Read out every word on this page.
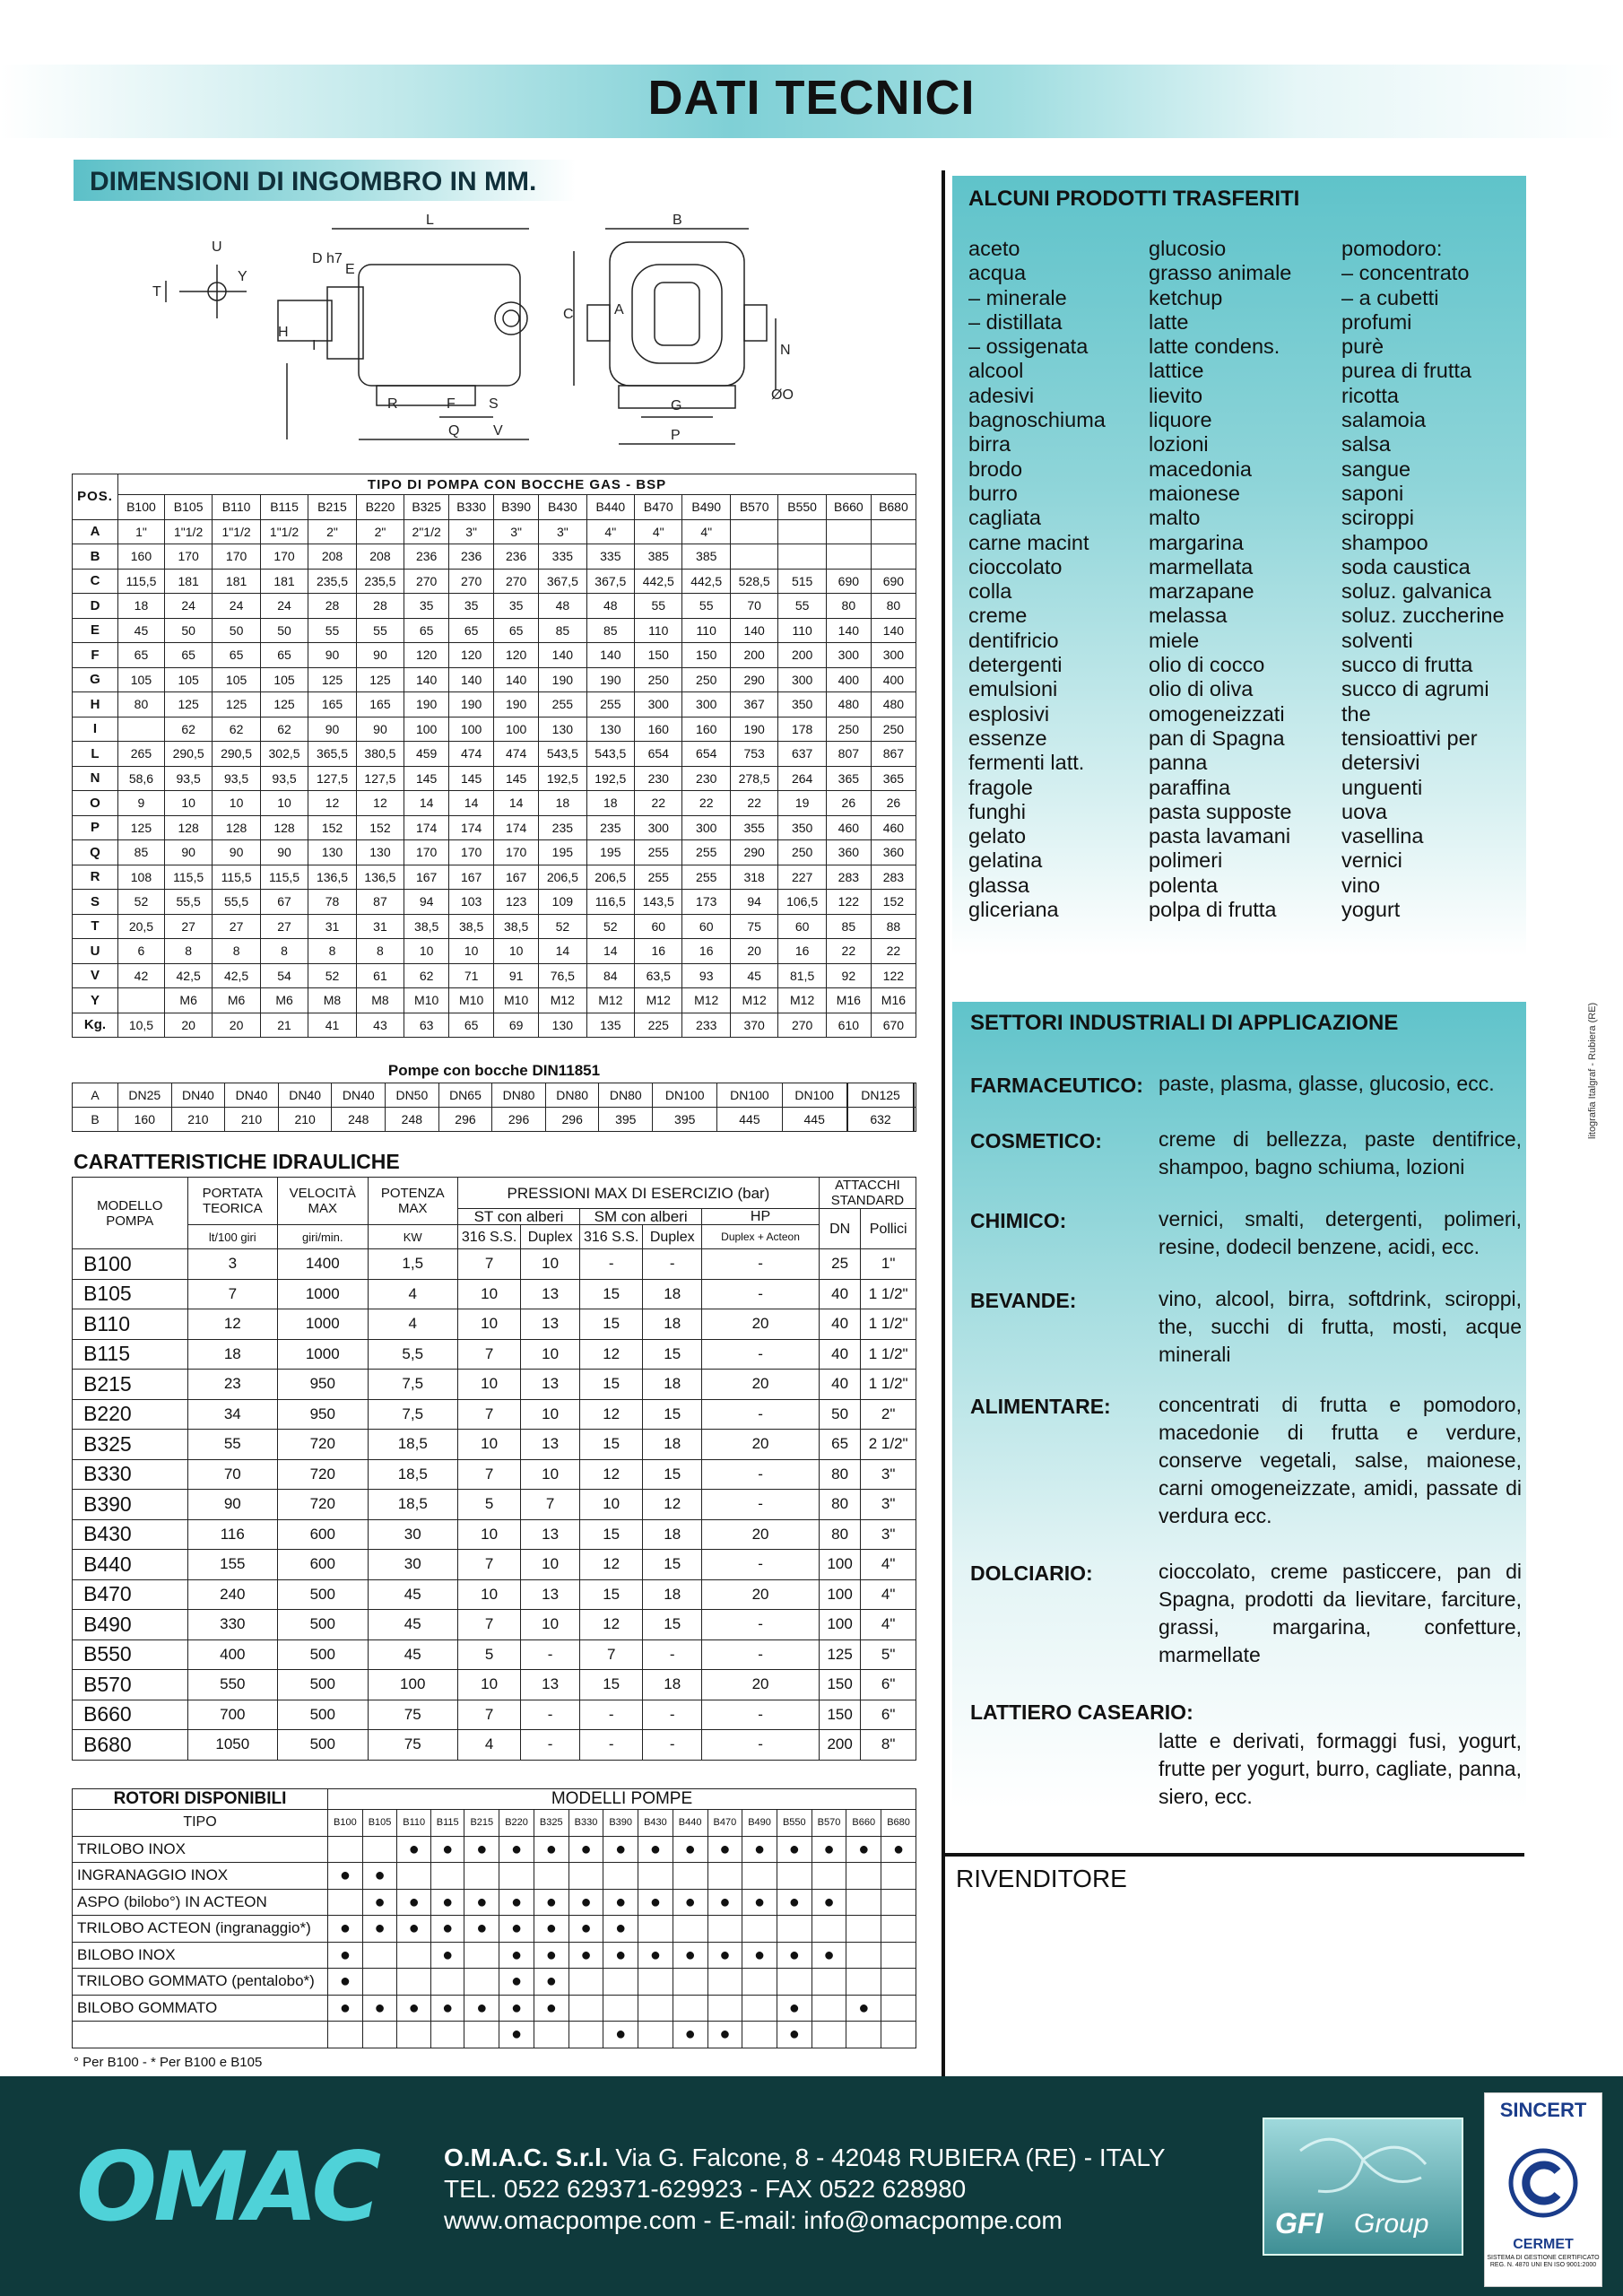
DATI TECNICI
DIMENSIONI DI INGOMBRO IN MM.
L
D h7
E
H
I
R	F S
Q V
B
C	A
N
G
P
ØO
T
U
Y
POS.	TIPO DI POMPA CON BOCCHE GAS - BSP																
	B100	B105	B110	B115	B215	B220	B325	B330	B390	B430	B440	B470	B490	B570	B550	B660	B680
A	1"	1"1/2	1"1/2	1"1/2	2"	2"	2"1/2	3"	3"	3"	4"	4"	4"				
B	160	170	170	170	208	208	236	236	236	335	335	385	385				
C	115,5	181	181	181	235,5	235,5	270	270	270	367,5	367,5	442,5	442,5	528,5	515	690	690
D	18	24	24	24	28	28	35	35	35	48	48	55	55	70	55	80	80
E	45	50	50	50	55	55	65	65	65	85	85	110	110	140	110	140	140
F	65	65	65	65	90	90	120	120	120	140	140	150	150	200	200	300	300
G	105	105	105	105	125	125	140	140	140	190	190	250	250	290	300	400	400
H	80	125	125	125	165	165	190	190	190	255	255	300	300	367	350	480	480
I		62	62	62	90	90	100	100	100	130	130	160	160	190	178	250	250
L	265	290,5	290,5	302,5	365,5	380,5	459	474	474	543,5	543,5	654	654	753	637	807	867
N	58,6	93,5	93,5	93,5	127,5	127,5	145	145	145	192,5	192,5	230	230	278,5	264	365	365
O	9	10	10	10	12	12	14	14	14	18	18	22	22	22	19	26	26
P	125	128	128	128	152	152	174	174	174	235	235	300	300	355	350	460	460
Q	85	90	90	90	130	130	170	170	170	195	195	255	255	290	250	360	360
R	108	115,5	115,5	115,5	136,5	136,5	167	167	167	206,5	206,5	255	255	318	227	283	283
S	52	55,5	55,5	67	78	87	94	103	123	109	116,5	143,5	173	94	106,5	122	152
T	20,5	27	27	27	31	31	38,5	38,5	38,5	52	52	60	60	75	60	85	88
U	6	8	8	8	8	8	10	10	10	14	14	16	16	20	16	22	22
V	42	42,5	42,5	54	52	61	62	71	91	76,5	84	63,5	93	45	81,5	92	122
Y		M6	M6	M6	M8	M8	M10	M10	M10	M12	M12	M12	M12	M12	M12	M16	M16
Kg.	10,5	20	20	21	41	43	63	65	69	130	135	225	233	370	270	610	670
Pompe con bocche DIN11851
A	DN25	DN40	DN40	DN40	DN40	DN50	DN65	DN80	DN80	DN80	DN100	DN100	DN100		DN125		
B	160	210	210	210	248	248	296	296	296	395	395	445	445		632		
CARATTERISTICHE IDRAULICHE
MODELLO POMPA	PORTATA TEORICA	VELOCITÀ MAX	POTENZA MAX	PRESSIONI MAX DI ESERCIZIO (bar)					ATTACCHI STANDARD	
				ST con alberi		SM con alberi		HP	DN	Pollici
	lt/100 giri	giri/min.	KW	316 S.S.	Duplex	316 S.S.	Duplex	Duplex + Acteon		
B100	3	1400	1,5	7	10	-	-	-	25	1"
B105	7	1000	4	10	13	15	18	-	40	1 1/2"
B110	12	1000	4	10	13	15	18	20	40	1 1/2"
B115	18	1000	5,5	7	10	12	15	-	40	1 1/2"
B215	23	950	7,5	10	13	15	18	20	40	1 1/2"
B220	34	950	7,5	7	10	12	15	-	50	2"
B325	55	720	18,5	10	13	15	18	20	65	2 1/2"
B330	70	720	18,5	7	10	12	15	-	80	3"
B390	90	720	18,5	5	7	10	12	-	80	3"
B430	116	600	30	10	13	15	18	20	80	3"
B440	155	600	30	7	10	12	15	-	100	4"
B470	240	500	45	10	13	15	18	20	100	4"
B490	330	500	45	7	10	12	15	-	100	4"
B550	400	500	45	5	-	7	-	-	125	5"
B570	550	500	100	10	13	15	18	20	150	6"
B660	700	500	75	7	-	-	-	-	150	6"
B680	1050	500	75	4	-	-	-	-	200	8"
ROTORI DISPONIBILI	MODELLI POMPE																
TIPO	B100	B105	B110	B115	B215	B220	B325	B330	B390	B430	B440	B470	B490	B550	B570	B660	B680
TRILOBO INOX			●	●	●	●	●	●	●	●	●	●	●	●	●	●	●
INGRANAGGIO INOX	●	●															
ASPO (bilobo°) IN ACTEON		●	●	●	●	●	●	●	●	●	●	●	●	●	●		
TRILOBO ACTEON (ingranaggio*)	●	●	●	●	●	●	●	●	●								
BILOBO INOX	●			●		●	●	●	●	●	●	●	●	●	●		
TRILOBO GOMMATO (pentalobo*)	●					●	●										
BILOBO GOMMATO	●	●	●	●	●	●	●							●		●	
						●			●		●	●		●			
° Per B100 - * Per B100 e B105
ALCUNI PRODOTTI TRASFERITI
aceto
acqua
– minerale
– distillata
– ossigenata
alcool
adesivi
bagnoschiuma
birra
brodo
burro
cagliata
carne macint
cioccolato
colla
creme
dentifricio
detergenti
emulsioni
esplosivi
essenze
fermenti latt.
fragole
funghi
gelato
gelatina
glassa
gliceriana
glucosio
grasso animale
ketchup
latte
latte condens.
lattice
lievito
liquore
lozioni
macedonia
maionese
malto
margarina
marmellata
marzapane
melassa
miele
olio di cocco
olio di oliva
omogeneizzati
pan di Spagna
panna
paraffina
pasta supposte
pasta lavamani
polimeri
polenta
polpa di frutta
pomodoro:
– concentrato
– a cubetti
profumi
purè
purea di frutta
ricotta
salamoia
salsa
sangue
saponi
sciroppi
shampoo
soda caustica
soluz. galvanica
soluz. zuccherine
solventi
succo di frutta
succo di agrumi
the
tensioattivi per
detersivi
unguenti
uova
vasellina
vernici
vino
yogurt
SETTORI INDUSTRIALI DI APPLICAZIONE
FARMACEUTICO: paste, plasma, glasse, glucosio, ecc.
COSMETICO:	creme di bellezza, paste dentifrice, shampoo, bagno schiuma, lozioni
CHIMICO:	vernici, smalti, detergenti, polimeri, resine, dodecil benzene, acidi, ecc.
BEVANDE:	vino, alcool, birra, softdrink, sciroppi, the, succhi di frutta, mosti, acque minerali
ALIMENTARE: concentrati di frutta e pomodoro, macedonie di frutta e verdure, conserve vegetali, salse, maionese, carni omogeneizzate, amidi, passate di verdura ecc.
DOLCIARIO:	cioccolato, creme pasticcere, pan di Spagna, prodotti da lievitare, farciture, grassi, margarina, confetture, marmellate
LATTIERO CASEARIO:
latte e derivati, formaggi fusi, yogurt, frutte per yogurt, burro, cagliate, panna, siero, ecc.
RIVENDITORE
litografia Italgraf - Rubiera (RE)
OMAC	O.M.A.C. S.r.l. Via G. Falcone, 8 - 42048 RUBIERA (RE) - ITALY
TEL. 0522 629371-629923 - FAX 0522 628980
www.omacpompe.com - E-mail: info@omacpompe.com	GFI Group
SINCERT
CERMET
SISTEMA DI GESTIONE CERTIFICATO REG. N. 4870 UNI EN ISO 9001:2000
